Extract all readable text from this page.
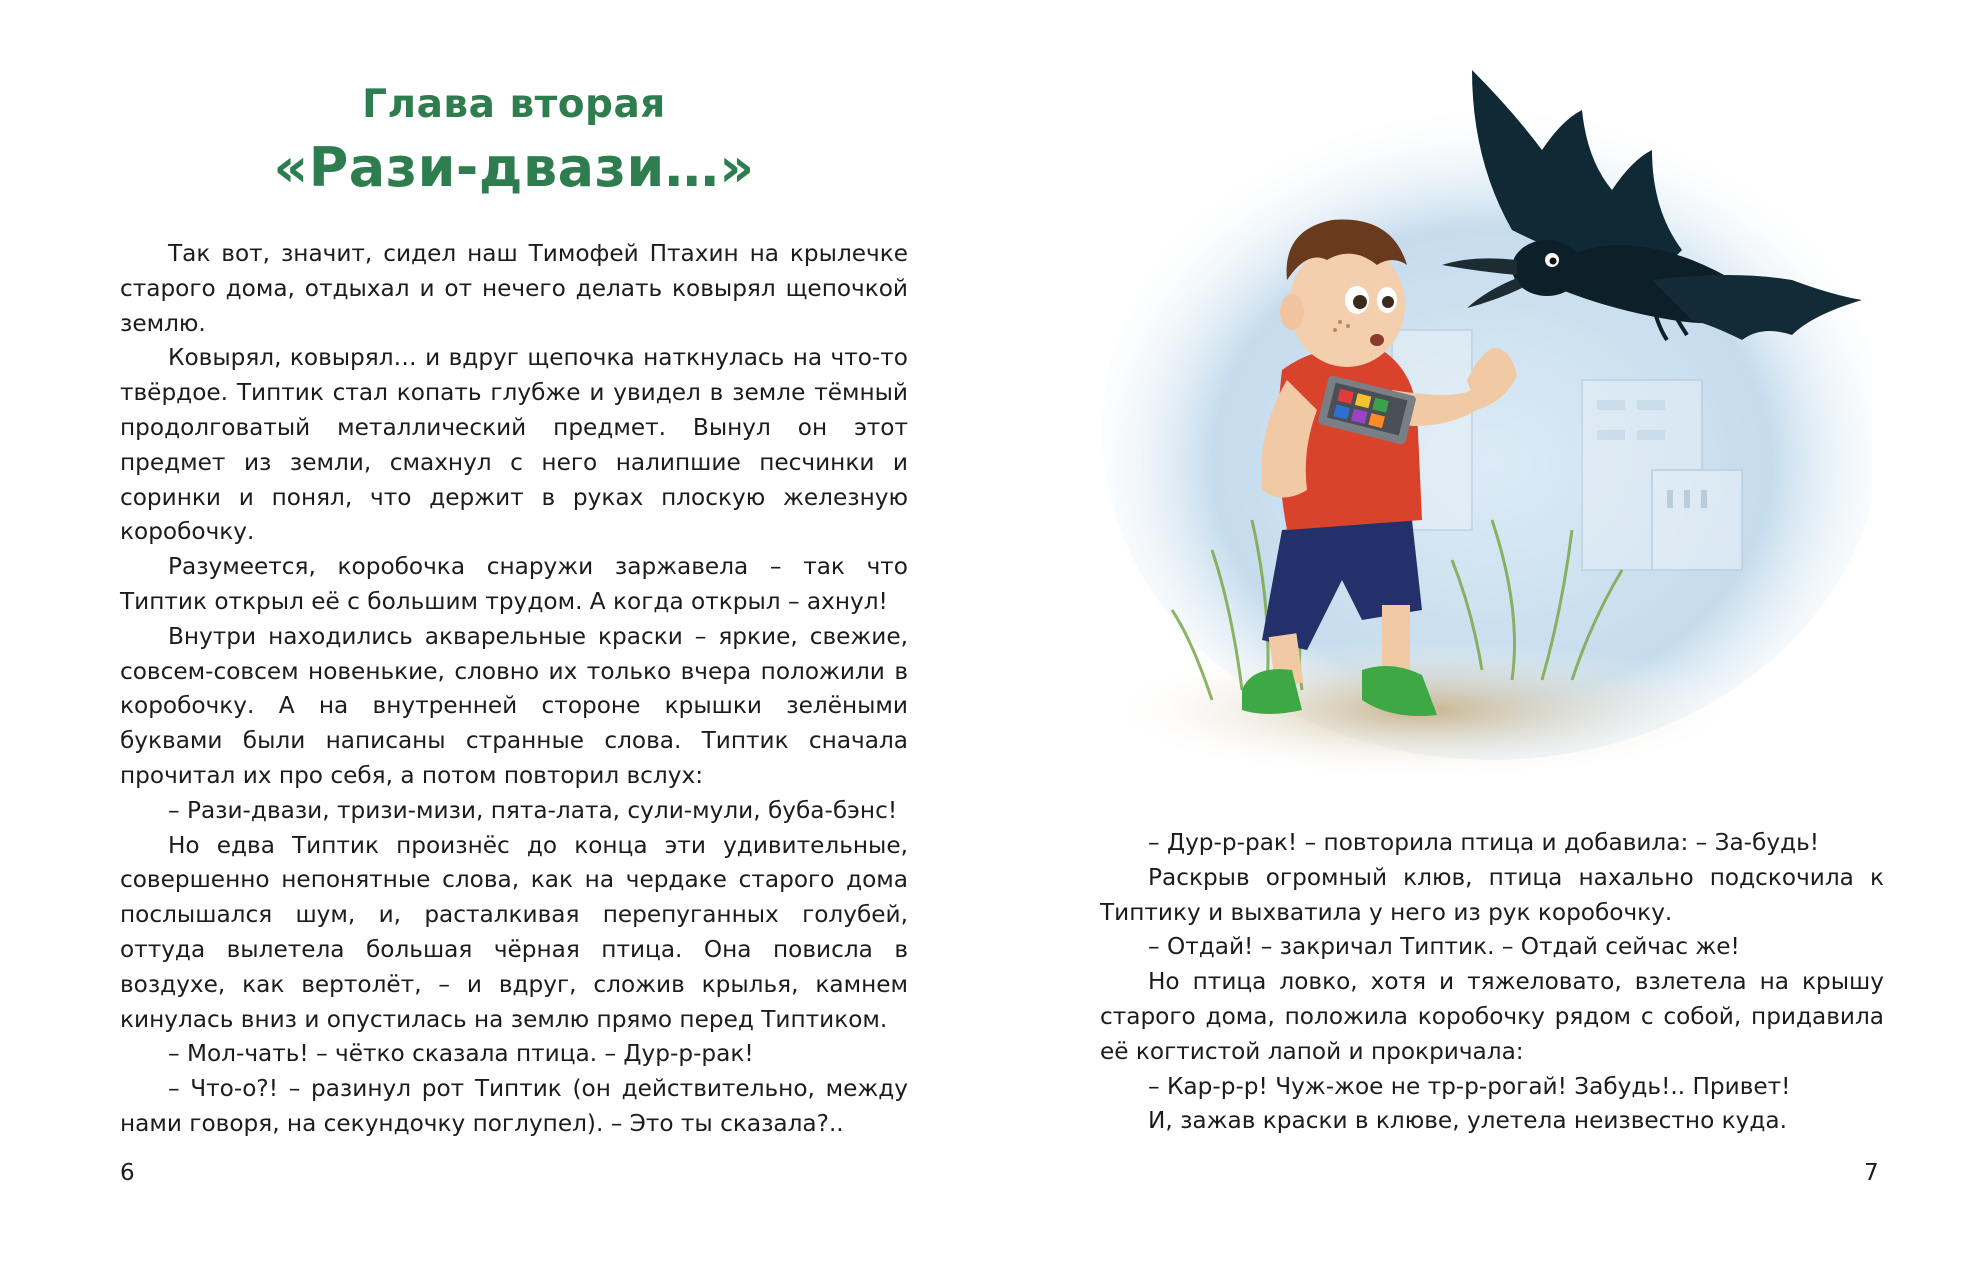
Глава вторая
«Рази-двази…»

Так вот, значит, сидел наш Тимофей Птахин на крылечке старого дома, отдыхал и от нечего делать ковырял щепочкой землю.

Ковырял, ковырял… и вдруг щепочка наткнулась на что-то твёрдое. Типтик стал копать глубже и увидел в земле тёмный продолговатый металлический предмет. Вынул он этот предмет из земли, смахнул с него налипшие песчинки и соринки и понял, что держит в руках плоскую железную коробочку.

Разумеется, коробочка снаружи заржавела – так что Типтик открыл её с большим трудом. А когда открыл – ахнул!

Внутри находились акварельные краски – яркие, свежие, совсем-совсем новенькие, словно их только вчера положили в коробочку. А на внутренней стороне крышки зелёными буквами были написаны странные слова. Типтик сначала прочитал их про себя, а потом повторил вслух:

– Рази-двази, тризи-мизи, пята-лата, сули-мули, буба-бэнс!

Но едва Типтик произнёс до конца эти удивительные, совершенно непонятные слова, как на чердаке старого дома послышался шум, и, расталкивая перепуганных голубей, оттуда вылетела большая чёрная птица. Она повисла в воздухе, как вертолёт, – и вдруг, сложив крылья, камнем кинулась вниз и опустилась на землю прямо перед Типтиком.

– Мол-чать! – чётко сказала птица. – Дур-р-рак!

– Что-о?! – разинул рот Типтик (он действительно, между нами говоря, на секундочку поглупел). – Это ты сказала?..

6

– Дур-р-рак! – повторила птица и добавила: – За-будь!

Раскрыв огромный клюв, птица нахально подскочила к Типтику и выхватила у него из рук коробочку.

– Отдай! – закричал Типтик. – Отдай сейчас же!

Но птица ловко, хотя и тяжеловато, взлетела на крышу старого дома, положила коробочку рядом с собой, придавила её когтистой лапой и прокричала:

– Кар-р-р! Чуж-жое не тр-р-рогай! Забудь!.. Привет!

И, зажав краски в клюве, улетела неизвестно куда.

7
